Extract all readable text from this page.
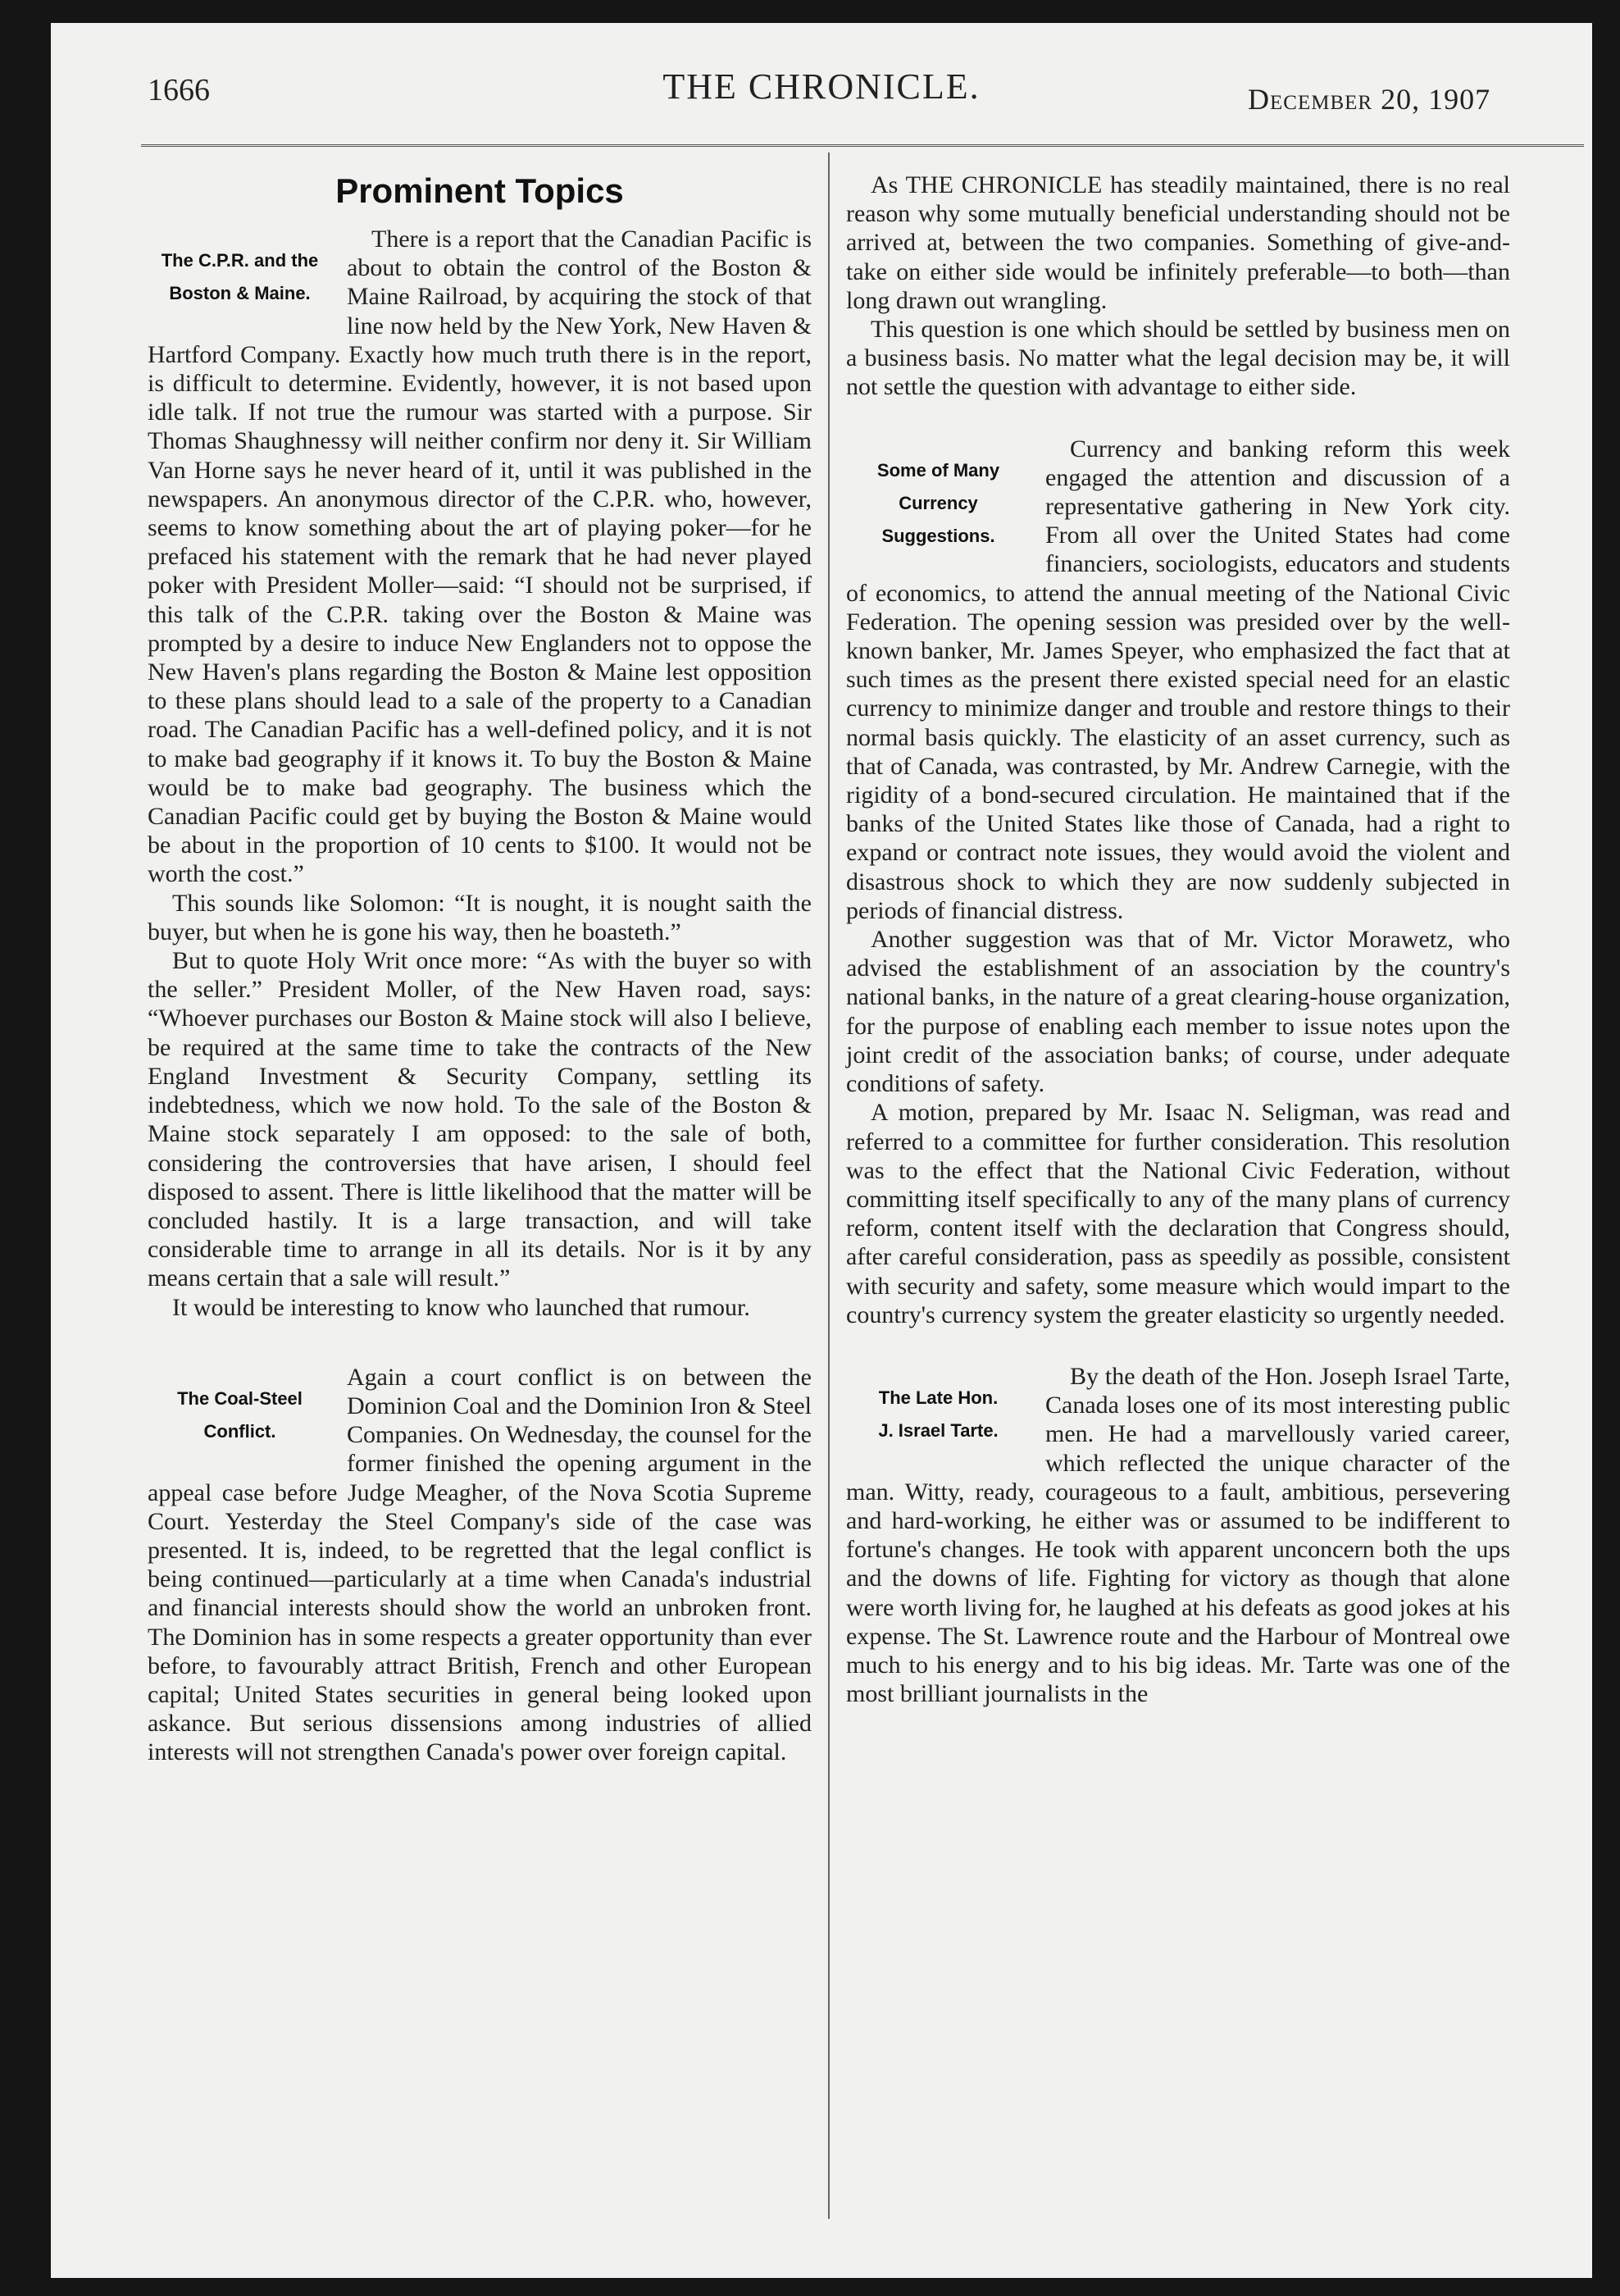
1666	THE CHRONICLE.	December 20, 1907
Prominent Topics
The C.P.R. and the
Boston & Maine.

There is a report that the Canadian Pacific is about to obtain the control of the Boston & Maine Railroad, by acquiring the stock of that line now held by the New York, New Haven & Hartford Company. Exactly how much truth there is in the report, is difficult to determine. Evidently, however, it is not based upon idle talk. If not true the rumour was started with a purpose. Sir Thomas Shaughnessy will neither confirm nor deny it. Sir William Van Horne says he never heard of it, until it was published in the newspapers. An anonymous director of the C.P.R. who, however, seems to know something about the art of playing poker—for he prefaced his statement with the remark that he had never played poker with President Moller—said: “I should not be surprised, if this talk of the C.P.R. taking over the Boston & Maine was prompted by a desire to induce New Englanders not to oppose the New Haven's plans regarding the Boston & Maine lest opposition to these plans should lead to a sale of the property to a Canadian road. The Canadian Pacific has a well-defined policy, and it is not to make bad geography if it knows it. To buy the Boston & Maine would be to make bad geography. The business which the Canadian Pacific could get by buying the Boston & Maine would be about in the proportion of 10 cents to $100. It would not be worth the cost.”

This sounds like Solomon: “It is nought, it is nought saith the buyer, but when he is gone his way, then he boasteth.”

But to quote Holy Writ once more: “As with the buyer so with the seller.” President Moller, of the New Haven road, says: “Whoever purchases our Boston & Maine stock will also I believe, be required at the same time to take the contracts of the New England Investment & Security Company, settling its indebtedness, which we now hold. To the sale of the Boston & Maine stock separately I am opposed: to the sale of both, considering the controversies that have arisen, I should feel disposed to assent. There is little likelihood that the matter will be concluded hastily. It is a large transaction, and will take considerable time to arrange in all its details. Nor is it by any means certain that a sale will result.”

It would be interesting to know who launched that rumour.

The Coal-Steel
Conflict.

Again a court conflict is on between the Dominion Coal and the Dominion Iron & Steel Companies. On Wednesday, the counsel for the former finished the opening argument in the appeal case before Judge Meagher, of the Nova Scotia Supreme Court. Yesterday the Steel Company's side of the case was presented. It is, indeed, to be regretted that the legal conflict is being continued—particularly at a time when Canada's industrial and financial interests should show the world an unbroken front. The Dominion has in some respects a greater opportunity than ever before, to favourably attract British, French and other European capital; United States securities in general being looked upon askance. But serious dissensions among industries of allied interests will not strengthen Canada's power over foreign capital.

As THE CHRONICLE has steadily maintained, there is no real reason why some mutually beneficial understanding should not be arrived at, between the two companies. Something of give-and-take on either side would be infinitely preferable—to both—than long drawn out wrangling.

This question is one which should be settled by business men on a business basis. No matter what the legal decision may be, it will not settle the question with advantage to either side.

Some of Many
Currency
Suggestions.

Currency and banking reform this week engaged the attention and discussion of a representative gathering in New York city. From all over the United States had come financiers, sociologists, educators and students of economics, to attend the annual meeting of the National Civic Federation. The opening session was presided over by the well-known banker, Mr. James Speyer, who emphasized the fact that at such times as the present there existed special need for an elastic currency to minimize danger and trouble and restore things to their normal basis quickly. The elasticity of an asset currency, such as that of Canada, was contrasted, by Mr. Andrew Carnegie, with the rigidity of a bond-secured circulation. He maintained that if the banks of the United States like those of Canada, had a right to expand or contract note issues, they would avoid the violent and disastrous shock to which they are now suddenly subjected in periods of financial distress.

Another suggestion was that of Mr. Victor Morawetz, who advised the establishment of an association by the country's national banks, in the nature of a great clearing-house organization, for the purpose of enabling each member to issue notes upon the joint credit of the association banks; of course, under adequate conditions of safety.

A motion, prepared by Mr. Isaac N. Seligman, was read and referred to a committee for further consideration. This resolution was to the effect that the National Civic Federation, without committing itself specifically to any of the many plans of currency reform, content itself with the declaration that Congress should, after careful consideration, pass as speedily as possible, consistent with security and safety, some measure which would impart to the country's currency system the greater elasticity so urgently needed.

The Late Hon.
J. Israel Tarte.

By the death of the Hon. Joseph Israel Tarte, Canada loses one of its most interesting public men. He had a marvellously varied career, which reflected the unique character of the man. Witty, ready, courageous to a fault, ambitious, persevering and hard-working, he either was or assumed to be indifferent to fortune's changes. He took with apparent unconcern both the ups and the downs of life. Fighting for victory as though that alone were worth living for, he laughed at his defeats as good jokes at his expense. The St. Lawrence route and the Harbour of Montreal owe much to his energy and to his big ideas. Mr. Tarte was one of the most brilliant journalists in the
